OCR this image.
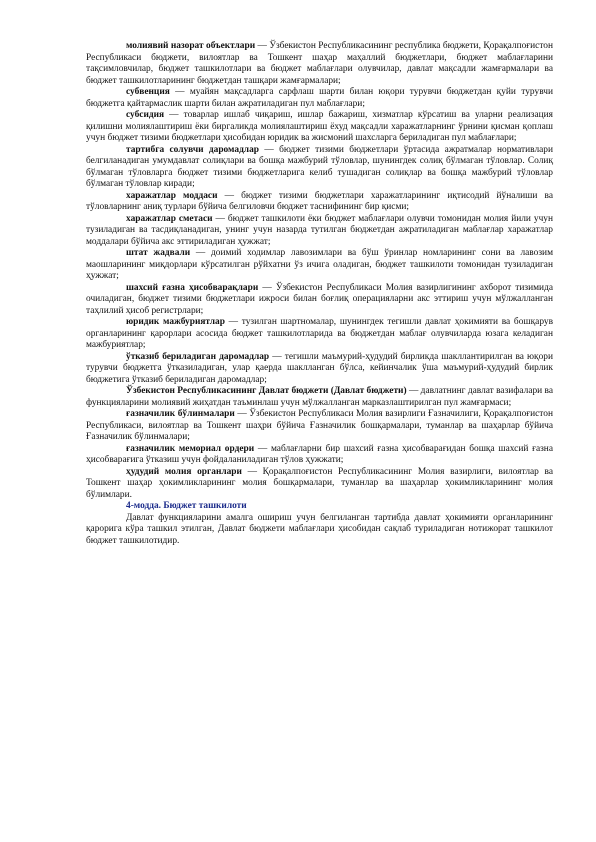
молиявий назорат объектлари — Ўзбекистон Республикасининг республика бюджети, Қорақалпоғистон Республикаси бюджети, вилоятлар ва Тошкент шаҳар маҳаллий бюджетлари, бюджет маблағларини тақсимловчилар, бюджет ташкилотлари ва бюджет маблағлари олувчилар, давлат мақсадли жамғармалари ва бюджет ташкилотларининг бюджетдан ташқари жамғармалари;

субвенция — муайян мақсадларга сарфлаш шарти билан юқори турувчи бюджетдан қуйи турувчи бюджетга қайтармаслик шарти билан ажратиладиган пул маблағлари;

субсидия — товарлар ишлаб чиқариш, ишлар бажариш, хизматлар кўрсатиш ва уларни реализация қилишни молиялаштириш ёки биргаликда молиялаштириш ёхуд мақсадли харажатларнинг ўрнини қисман қоплаш учун бюджет тизими бюджетлари ҳисобидан юридик ва жисмоний шахсларга бериладиган пул маблағлари;

тартибга солувчи даромадлар — бюджет тизими бюджетлари ўртасида ажратмалар нормативлари белгиланадиган умумдавлат солиқлари ва бошқа мажбурий тўловлар, шунингдек солиқ бўлмаган тўловлар. Солиқ бўлмаган тўловларга бюджет тизими бюджетларига келиб тушадиган солиқлар ва бошқа мажбурий тўловлар бўлмаган тўловлар киради;

харажатлар моддаси — бюджет тизими бюджетлари харажатларининг иқтисодий йўналиши ва тўловларнинг аниқ турлари бўйича белгиловчи бюджет таснифининг бир қисми;

харажатлар сметаси — бюджет ташкилоти ёки бюджет маблағлари олувчи томонидан молия йили учун тузиладиган ва тасдиқланадиган, унинг учун назарда тутилган бюджетдан ажратиладиган маблағлар харажатлар моддалари бўйича акс эттириладиган ҳужжат;

штат жадвали — доимий ходимлар лавозимлари ва бўш ўринлар номларининг сони ва лавозим маошларининг миқдорлари кўрсатилган рўйхатни ўз ичига оладиган, бюджет ташкилоти томонидан тузиладиган ҳужжат;

шахсий ғазна ҳисобварақлари — Ўзбекистон Республикаси Молия вазирлигининг ахборот тизимида очиладиган, бюджет тизими бюджетлари ижроси билан боғлиқ операцияларни акс эттириш учун мўлжалланган таҳлилий ҳисоб регистрлари;

юридик мажбуриятлар — тузилган шартномалар, шунингдек тегишли давлат ҳокимияти ва бошқарув органларининг қарорлари асосида бюджет ташкилотларида ва бюджетдан маблағ олувчиларда юзага келадиган мажбуриятлар;

ўтказиб бериладиган даромадлар — тегишли маъмурий-ҳудудий бирликда шакллантирилган ва юқори турувчи бюджетга ўтказиладиган, улар қаерда шаклланган бўлса, кейинчалик ўша маъмурий-ҳудудий бирлик бюджетига ўтказиб бериладиган даромадлар;

Ўзбекистон Республикасининг Давлат бюджети (Давлат бюджети) — давлатнинг давлат вазифалари ва функцияларини молиявий жиҳатдан таъминлаш учун мўлжалланган марказлаштирилган пул жамғармаси;

ғазначилик бўлинмалари — Ўзбекистон Республикаси Молия вазирлиги Ғазначилиги, Қорақалпоғистон Республикаси, вилоятлар ва Тошкент шаҳри бўйича Ғазначилик бошқармалари, туманлар ва шаҳарлар бўйича Ғазначилик бўлинмалари;

ғазначилик мемориал ордери — маблағларни бир шахсий ғазна ҳисобварағидан бошқа шахсий ғазна ҳисобварағига ўтказиш учун фойдаланиладиган тўлов ҳужжати;

ҳудудий молия органлари — Қорақалпоғистон Республикасининг Молия вазирлиги, вилоятлар ва Тошкент шаҳар ҳокимликларининг молия бошқармалари, туманлар ва шаҳарлар ҳокимликларининг молия бўлимлари.

4-модда. Бюджет ташкилоти

Давлат функцияларини амалга ошириш учун белгиланган тартибда давлат ҳокимияти органларининг қарорига кўра ташкил этилган, Давлат бюджети маблағлари ҳисобидан сақлаб туриладиган нотижорат ташкилот бюджет ташкилотидир.
